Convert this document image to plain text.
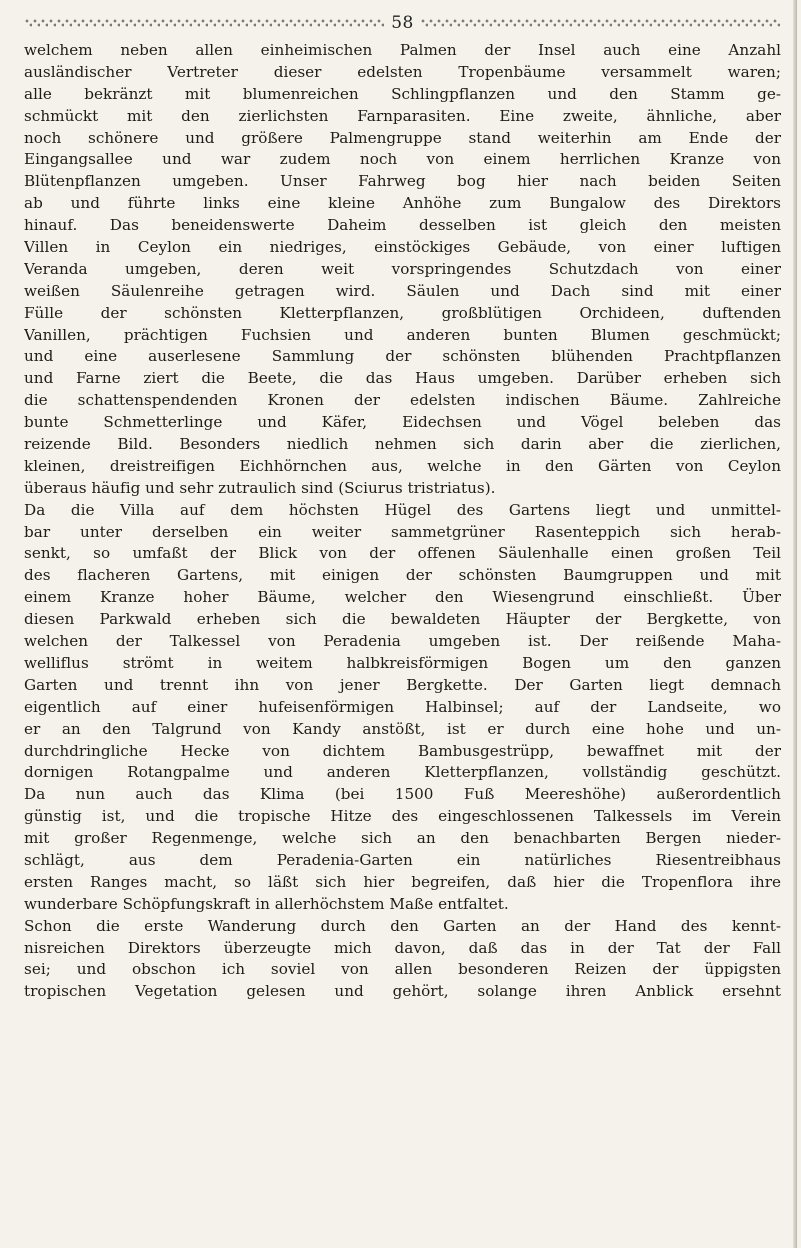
58
welchem neben allen einheimischen Palmen der Insel auch eine Anzahl
ausländischer Vertreter dieser edelsten Tropenbäume versammelt waren;
alle bekränzt mit blumenreichen Schlingpflanzen und den Stamm ge-
schmückt mit den zierlichsten Farnparasiten. Eine zweite, ähnliche, aber
noch schönere und größere Palmengruppe stand weiterhin am Ende der
Eingangsallee und war zudem noch von einem herrlichen Kranze von
Blütenpflanzen umgeben. Unser Fahrweg bog hier nach beiden Seiten
ab und führte links eine kleine Anhöhe zum Bungalow des Direktors
hinauf. Das beneidenswerte Daheim desselben ist gleich den meisten
Villen in Ceylon ein niedriges, einstöckiges Gebäude, von einer luftigen
Veranda umgeben, deren weit vorspringendes Schutzdach von einer
weißen Säulenreihe getragen wird. Säulen und Dach sind mit einer
Fülle der schönsten Kletterpflanzen, großblütigen Orchideen, duftenden
Vanillen, prächtigen Fuchsien und anderen bunten Blumen geschmückt;
und eine auserlesene Sammlung der schönsten blühenden Prachtpflanzen
und Farne ziert die Beete, die das Haus umgeben. Darüber erheben sich
die schattenspendenden Kronen der edelsten indischen Bäume. Zahlreiche
bunte Schmetterlinge und Käfer, Eidechsen und Vögel beleben das
reizende Bild. Besonders niedlich nehmen sich darin aber die zierlichen,
kleinen, dreistreifigen Eichhörnchen aus, welche in den Gärten von Ceylon
überaus häufig und sehr zutraulich sind (Sciurus tristriatus).
Da die Villa auf dem höchsten Hügel des Gartens liegt und unmittel-
bar unter derselben ein weiter sammetgrüner Rasenteppich sich herab-
senkt, so umfaßt der Blick von der offenen Säulenhalle einen großen Teil
des flacheren Gartens, mit einigen der schönsten Baumgruppen und mit
einem Kranze hoher Bäume, welcher den Wiesengrund einschließt. Über
diesen Parkwald erheben sich die bewaldeten Häupter der Bergkette, von
welchen der Talkessel von Peradenia umgeben ist. Der reißende Maha-
welliflus strömt in weitem halbkreisförmigen Bogen um den ganzen
Garten und trennt ihn von jener Bergkette. Der Garten liegt demnach
eigentlich auf einer hufeisenförmigen Halbinsel; auf der Landseite, wo
er an den Talgrund von Kandy anstößt, ist er durch eine hohe und un-
durchdringliche Hecke von dichtem Bambusgestrüpp, bewaffnet mit der
dornigen Rotangpalme und anderen Kletterpflanzen, vollständig geschützt.
Da nun auch das Klima (bei 1500 Fuß Meereshöhe) außerordentlich
günstig ist, und die tropische Hitze des eingeschlossenen Talkessels im Verein
mit großer Regenmenge, welche sich an den benachbarten Bergen nieder-
schlägt, aus dem Peradenia-Garten ein natürliches Riesentreibhaus
ersten Ranges macht, so läßt sich hier begreifen, daß hier die Tropenflora ihre
wunderbare Schöpfungskraft in allerhöchstem Maße entfaltet.
Schon die erste Wanderung durch den Garten an der Hand des kennt-
nisreichen Direktors überzeugte mich davon, daß das in der Tat der Fall
sei; und obschon ich soviel von allen besonderen Reizen der üppigsten
tropischen Vegetation gelesen und gehört, solange ihren Anblick ersehnt
